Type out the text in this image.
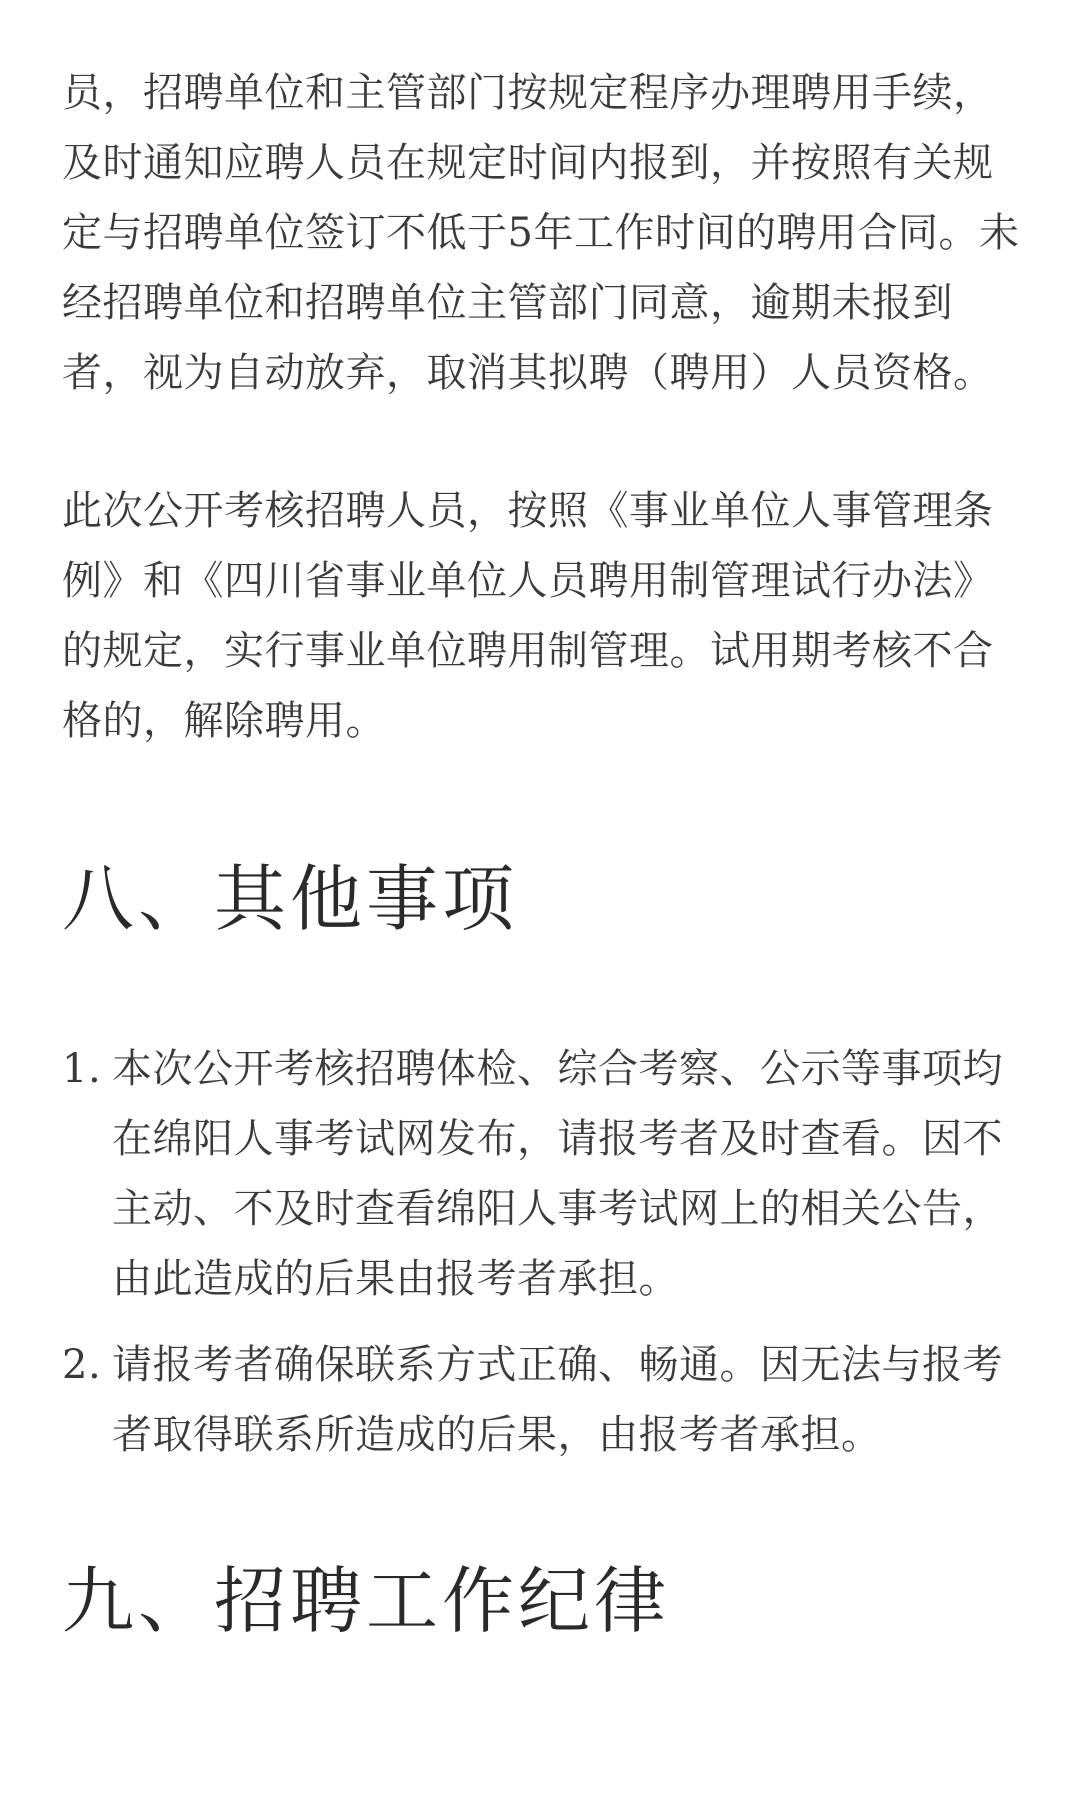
员，招聘单位和主管部门按规定程序办理聘用手续，及时通知应聘人员在规定时间内报到，并按照有关规定与招聘单位签订不低于5年工作时间的聘用合同。未经招聘单位和招聘单位主管部门同意，逾期未报到者，视为自动放弃，取消其拟聘（聘用）人员资格。

此次公开考核招聘人员，按照《事业单位人事管理条例》和《四川省事业单位人员聘用制管理试行办法》的规定，实行事业单位聘用制管理。试用期考核不合格的，解除聘用。

八、其他事项
1. 本次公开考核招聘体检、综合考察、公示等事项均在绵阳人事考试网发布，请报考者及时查看。因不主动、不及时查看绵阳人事考试网上的相关公告，由此造成的后果由报考者承担。
2. 请报考者确保联系方式正确、畅通。因无法与报考者取得联系所造成的后果，由报考者承担。
九、招聘工作纪律
